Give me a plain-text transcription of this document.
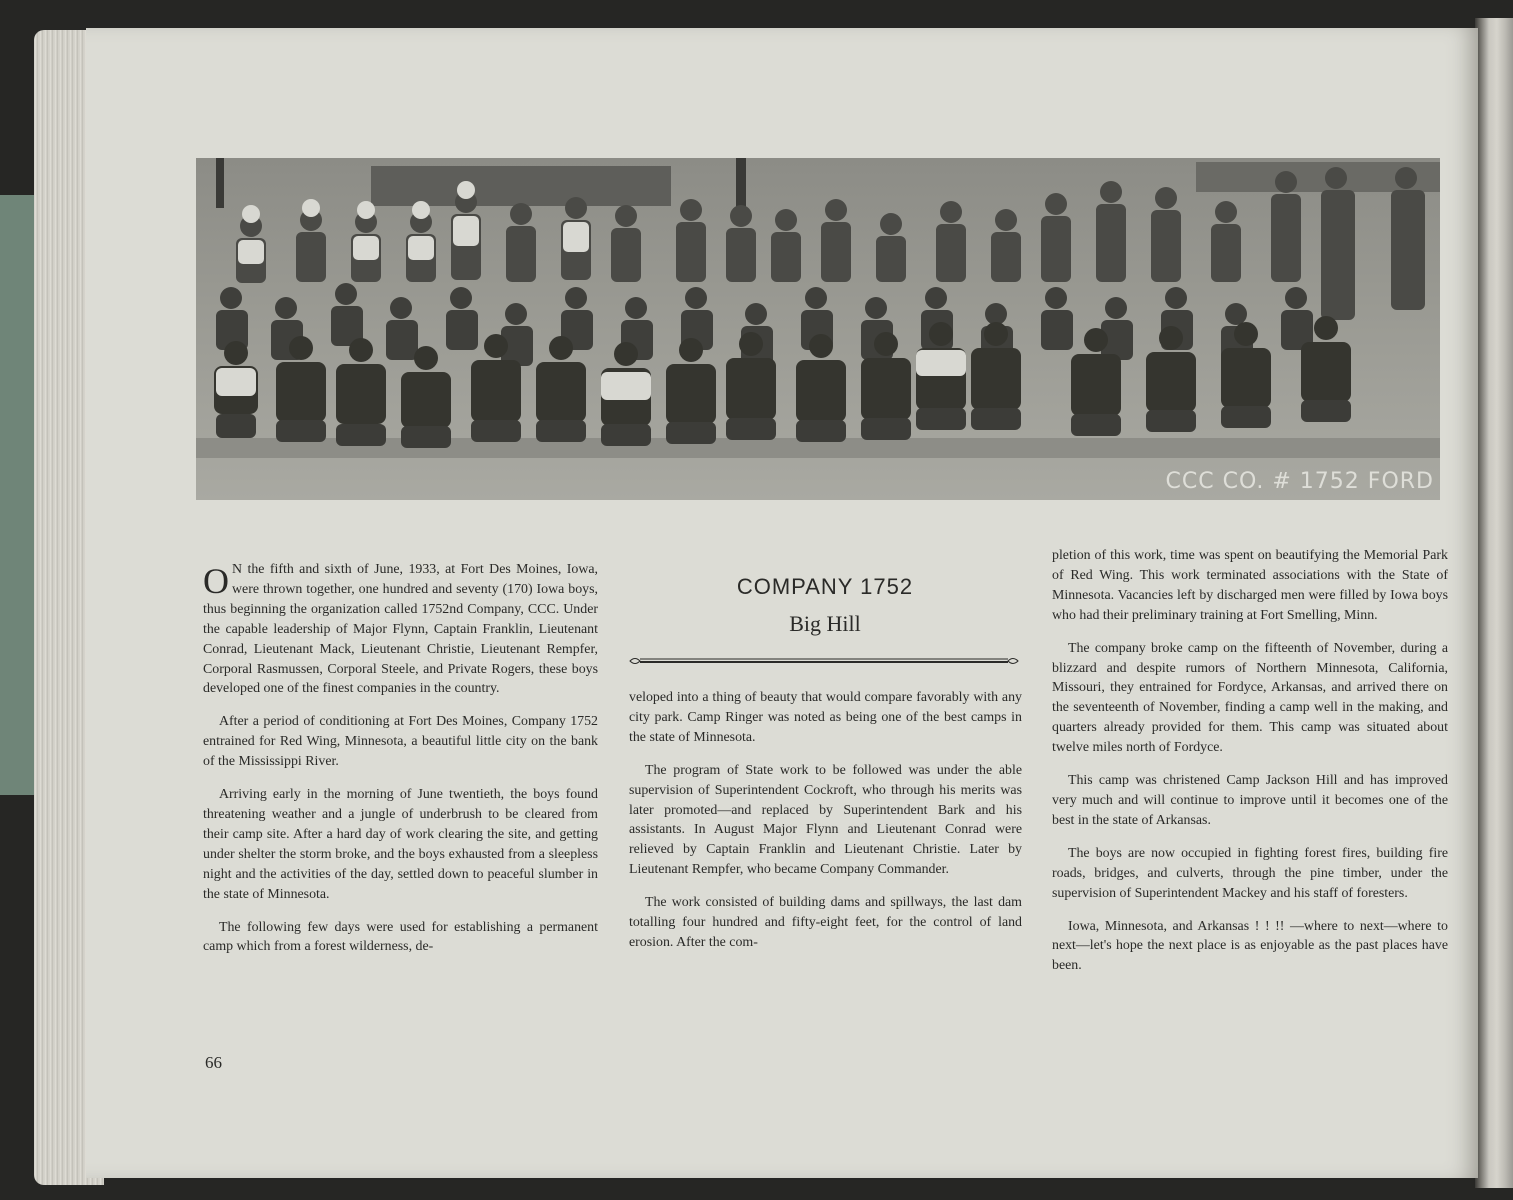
CCC CO. # 1752 FORD

O N the fifth and sixth of June, 1933, at Fort Des Moines, Iowa, were thrown together, one hundred and seventy (170) Iowa boys, thus beginning the organization called 1752nd Company, CCC. Under the capable leadership of Major Flynn, Captain Franklin, Lieutenant Conrad, Lieutenant Mack, Lieutenant Christie, Lieutenant Rempfer, Corporal Rasmussen, Corporal Steele, and Private Rogers, these boys developed one of the finest companies in the country.

After a period of conditioning at Fort Des Moines, Company 1752 entrained for Red Wing, Minnesota, a beautiful little city on the bank of the Mississippi River.

Arriving early in the morning of June twentieth, the boys found threatening weather and a jungle of underbrush to be cleared from their camp site. After a hard day of work clearing the site, and getting under shelter the storm broke, and the boys exhausted from a sleepless night and the activities of the day, settled down to peaceful slumber in the state of Minnesota.

The following few days were used for establishing a permanent camp which from a forest wilderness, de-

COMPANY 1752
Big Hill

veloped into a thing of beauty that would compare favorably with any city park. Camp Ringer was noted as being one of the best camps in the state of Minnesota.

The program of State work to be followed was under the able supervision of Superintendent Cockroft, who through his merits was later promoted—and replaced by Superintendent Bark and his assistants. In August Major Flynn and Lieutenant Conrad were relieved by Captain Franklin and Lieutenant Christie. Later by Lieutenant Rempfer, who became Company Commander.

The work consisted of building dams and spillways, the last dam totalling four hundred and fifty-eight feet, for the control of land erosion. After the com-

pletion of this work, time was spent on beautifying the Memorial Park of Red Wing. This work terminated associations with the State of Minnesota. Vacancies left by discharged men were filled by Iowa boys who had their preliminary training at Fort Smelling, Minn.

The company broke camp on the fifteenth of November, during a blizzard and despite rumors of Northern Minnesota, California, Missouri, they entrained for Fordyce, Arkansas, and arrived there on the seventeenth of November, finding a camp well in the making, and quarters already provided for them. This camp was situated about twelve miles north of Fordyce.

This camp was christened Camp Jackson Hill and has improved very much and will continue to improve until it becomes one of the best in the state of Arkansas.

The boys are now occupied in fighting forest fires, building fire roads, bridges, and culverts, through the pine timber, under the supervision of Superintendent Mackey and his staff of foresters.

Iowa, Minnesota, and Arkansas ! ! !! —where to next—where to next—let's hope the next place is as enjoyable as the past places have been.

66
